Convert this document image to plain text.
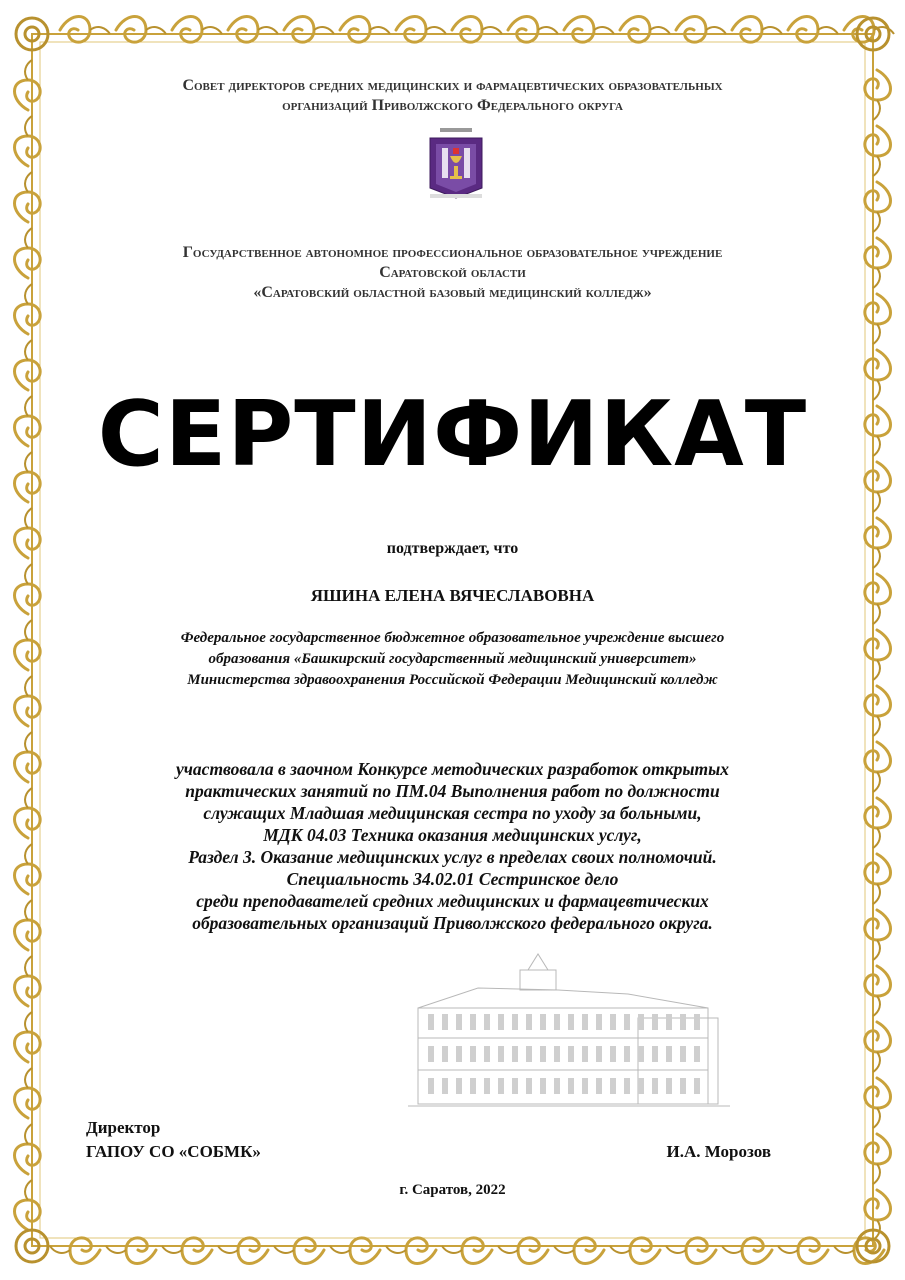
Совет директоров средних медицинских и фармацевтических образовательных
организаций Приволжского Федерального округа
Государственное автономное профессиональное образовательное учреждение
Саратовской области
«Саратовский областной базовый медицинский колледж»
СЕРТИФИКАТ
подтверждает, что
ЯШИНА ЕЛЕНА ВЯЧЕСЛАВОВНА
Федеральное государственное бюджетное образовательное учреждение высшего
образования «Башкирский государственный медицинский университет»
Министерства здравоохранения Российской Федерации Медицинский колледж
участвовала в заочном Конкурсе методических разработок открытых
практических занятий по ПМ.04 Выполнения работ по должности
служащих Младшая медицинская сестра по уходу за больными,
МДК 04.03 Техника оказания медицинских услуг,
Раздел 3. Оказание медицинских услуг в пределах своих полномочий.
Специальность 34.02.01 Сестринское дело
среди преподавателей средних медицинских и фармацевтических
образовательных организаций Приволжского федерального округа.
Директор
ГАПОУ СО «СОБМК»	И.А. Морозов
г. Саратов, 2022
